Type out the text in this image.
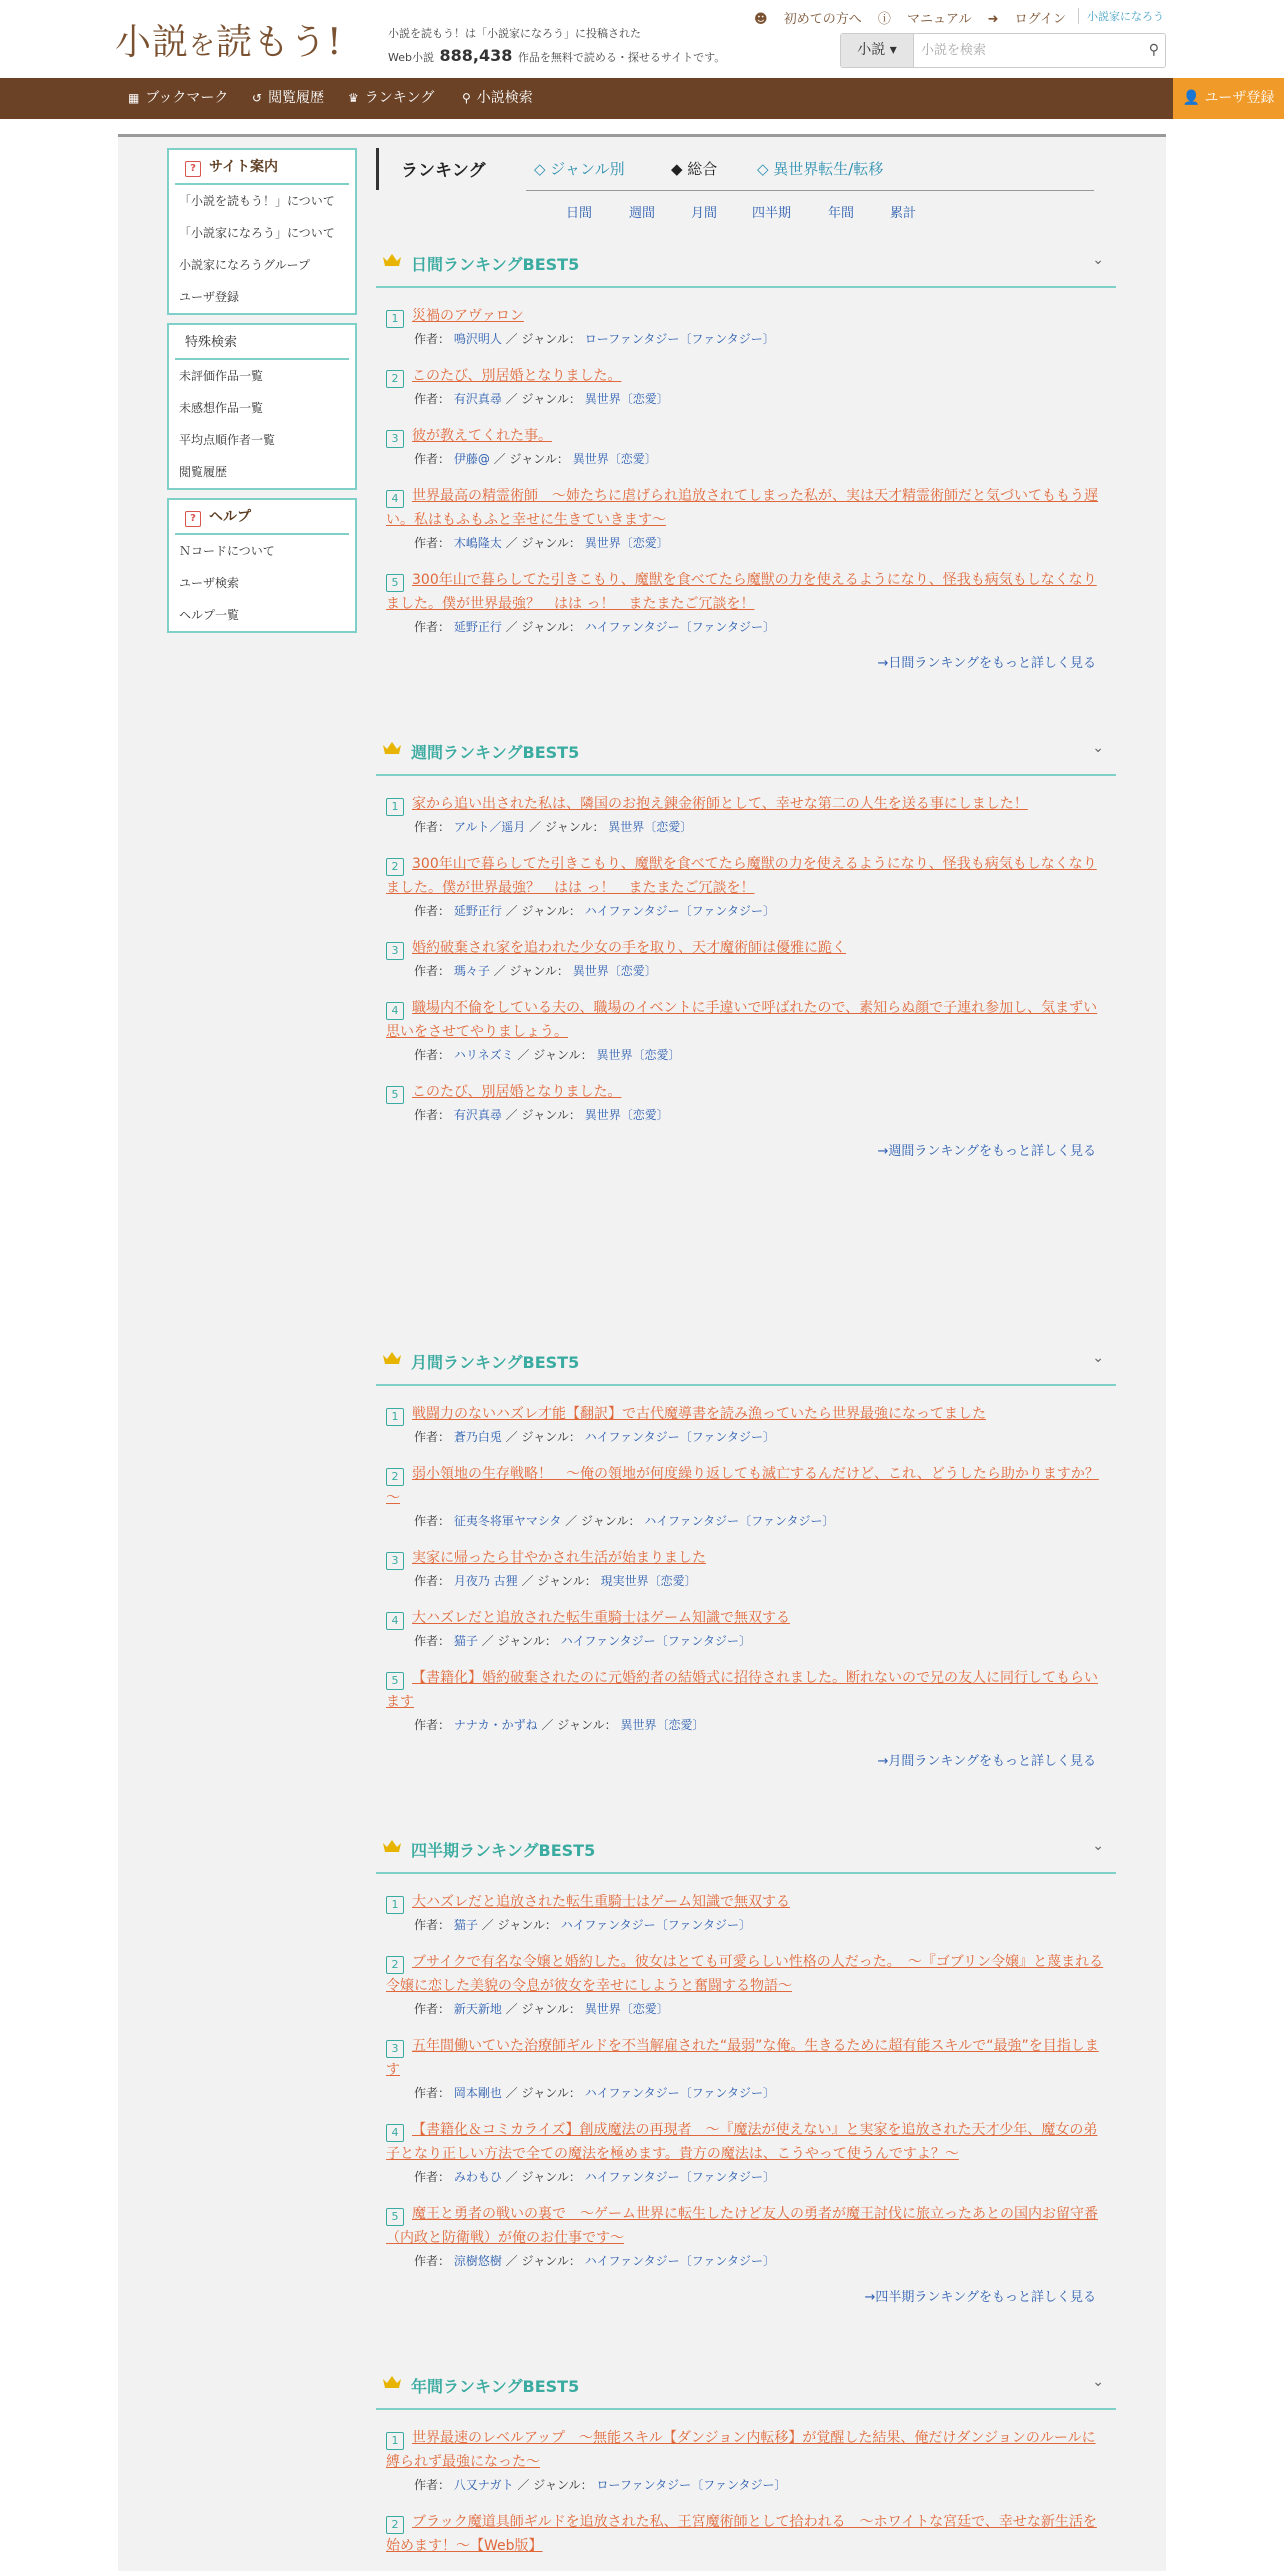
小説を読もう!	小説を読もう！は「小説家になろう」に投稿された
Web小説 888,438 作品を無料で読める・探せるサイトです。
☻ 初めての方へ ⓘ マニュアル ➜ ログイン	小説家になろう
小説 ▾	小説を検索	⚲
▦ ブックマーク ↺ 閲覧履歴 ♛ ランキング ⚲ 小説検索	👤 ユーザ登録
? サイト案内
「小説を読もう！」について
「小説家になろう」について
小説家になろうグループ
ユーザ登録
特殊検索
未評価作品一覧
未感想作品一覧
平均点順作者一覧
閲覧履歴
? ヘルプ
Ｎコードについて
ユーザ検索
ヘルプ一覧
ランキング	◇ ジャンル別	◆ 総合	◇ 異世界転生/転移
日間	週間	月間	四半期	年間	累計
日間ランキングBEST5	⌄
1 災禍のアヴァロン
作者： 鳴沢明人 ／ ジャンル： ローファンタジー〔ファンタジー〕
2 このたび、別居婚となりました。
作者： 有沢真尋 ／ ジャンル： 異世界〔恋愛〕
3 彼が教えてくれた事。
作者： 伊藤@ ／ ジャンル： 異世界〔恋愛〕
4 世界最高の精霊術師　～姉たちに虐げられ追放されてしまった私が、実は天才精霊術師だと気づいてももう遅い。私はもふもふと幸せに生きていきます～
作者： 木嶋隆太 ／ ジャンル： 異世界〔恋愛〕
5 300年山で暮らしてた引きこもり、魔獣を食べてたら魔獣の力を使えるようになり、怪我も病気もしなくなりました。僕が世界最強？　はは っ！　またまたご冗談を！
作者： 延野正行 ／ ジャンル： ハイファンタジー〔ファンタジー〕
→日間ランキングをもっと詳しく見る
週間ランキングBEST5	⌄
1 家から追い出された私は、隣国のお抱え錬金術師として、幸せな第二の人生を送る事にしました！
作者： アルト／遥月 ／ ジャンル： 異世界〔恋愛〕
2 300年山で暮らしてた引きこもり、魔獣を食べてたら魔獣の力を使えるようになり、怪我も病気もしなくなりました。僕が世界最強？　はは っ！　またまたご冗談を！
作者： 延野正行 ／ ジャンル： ハイファンタジー〔ファンタジー〕
3 婚約破棄され家を追われた少女の手を取り、天才魔術師は優雅に跪く
作者： 瑪々子 ／ ジャンル： 異世界〔恋愛〕
4 職場内不倫をしている夫の、職場のイベントに手違いで呼ばれたので、素知らぬ顔で子連れ参加し、気まずい思いをさせてやりましょう。
作者： ハリネズミ ／ ジャンル： 異世界〔恋愛〕
5 このたび、別居婚となりました。
作者： 有沢真尋 ／ ジャンル： 異世界〔恋愛〕
→週間ランキングをもっと詳しく見る
月間ランキングBEST5	⌄
1 戦闘力のないハズレ才能【翻訳】で古代魔導書を読み漁っていたら世界最強になってました
作者： 蒼乃白兎 ／ ジャンル： ハイファンタジー〔ファンタジー〕
2 弱小領地の生存戦略！　～俺の領地が何度繰り返しても滅亡するんだけど、これ、どうしたら助かりますか？～
作者： 征夷冬将軍ヤマシタ ／ ジャンル： ハイファンタジー〔ファンタジー〕
3 実家に帰ったら甘やかされ生活が始まりました
作者： 月夜乃 古狸 ／ ジャンル： 現実世界〔恋愛〕
4 大ハズレだと追放された転生重騎士はゲーム知識で無双する
作者： 猫子 ／ ジャンル： ハイファンタジー〔ファンタジー〕
5 【書籍化】婚約破棄されたのに元婚約者の結婚式に招待されました。断れないので兄の友人に同行してもらいます
作者： ナナカ・かずね ／ ジャンル： 異世界〔恋愛〕
→月間ランキングをもっと詳しく見る
四半期ランキングBEST5	⌄
1 大ハズレだと追放された転生重騎士はゲーム知識で無双する
作者： 猫子 ／ ジャンル： ハイファンタジー〔ファンタジー〕
2 ブサイクで有名な令嬢と婚約した。彼女はとても可愛らしい性格の人だった。　～『ゴブリン令嬢』と蔑まれる令嬢に恋した美貌の令息が彼女を幸せにしようと奮闘する物語～
作者： 新天新地 ／ ジャンル： 異世界〔恋愛〕
3 五年間働いていた治療師ギルドを不当解雇された“最弱”な俺。生きるために超有能スキルで“最強”を目指します
作者： 岡本剛也 ／ ジャンル： ハイファンタジー〔ファンタジー〕
4 【書籍化＆コミカライズ】創成魔法の再現者　～『魔法が使えない』と実家を追放された天才少年、魔女の弟子となり正しい方法で全ての魔法を極めます。貴方の魔法は、こうやって使うんですよ？～
作者： みわもひ ／ ジャンル： ハイファンタジー〔ファンタジー〕
5 魔王と勇者の戦いの裏で　～ゲーム世界に転生したけど友人の勇者が魔王討伐に旅立ったあとの国内お留守番（内政と防衛戦）が俺のお仕事です～
作者： 涼樹悠樹 ／ ジャンル： ハイファンタジー〔ファンタジー〕
→四半期ランキングをもっと詳しく見る
年間ランキングBEST5	⌄
1 世界最速のレベルアップ　～無能スキル【ダンジョン内転移】が覚醒した結果、俺だけダンジョンのルールに縛られず最強になった～
作者： 八又ナガト ／ ジャンル： ローファンタジー〔ファンタジー〕
2 ブラック魔道具師ギルドを追放された私、王宮魔術師として拾われる　～ホワイトな宮廷で、幸せな新生活を始めます！～【Web版】
